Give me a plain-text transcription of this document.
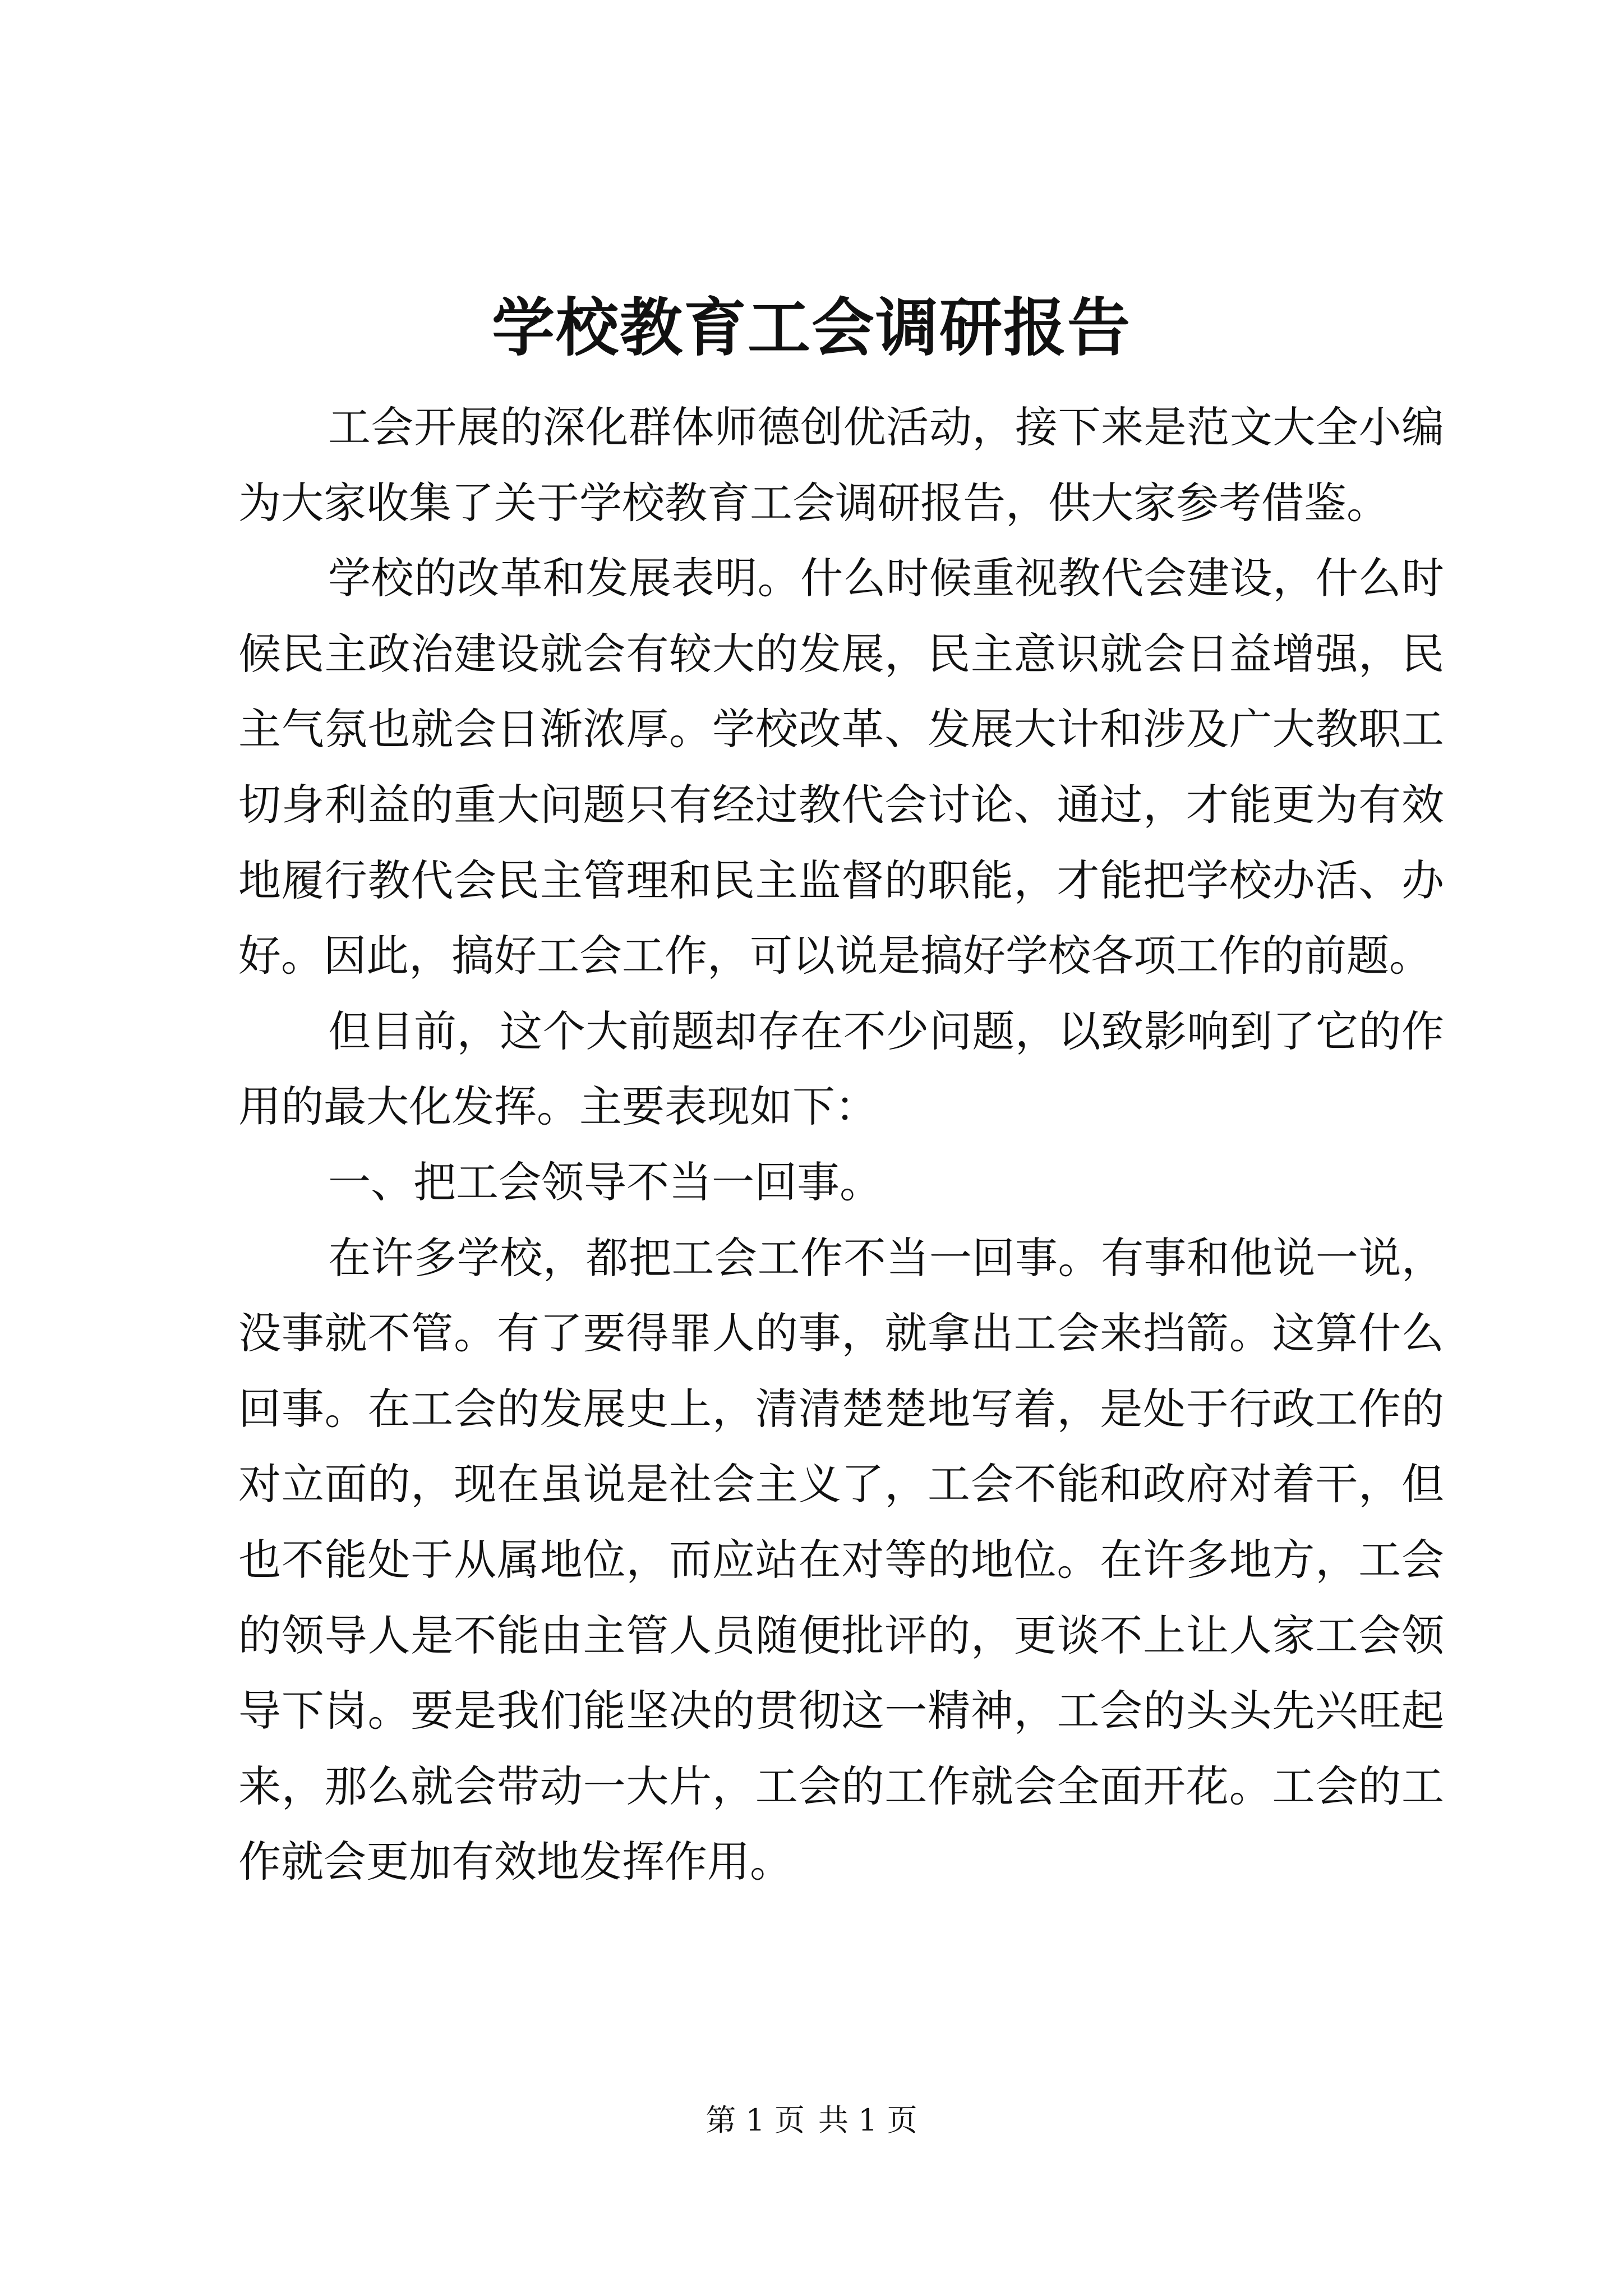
学校教育工会调研报告

工会开展的深化群体师德创优活动，接下来是范文大全小编为大家收集了关于学校教育工会调研报告，供大家参考借鉴。

学校的改革和发展表明。什么时候重视教代会建设，什么时候民主政治建设就会有较大的发展，民主意识就会日益增强，民主气氛也就会日渐浓厚。学校改革、发展大计和涉及广大教职工切身利益的重大问题只有经过教代会讨论、通过，才能更为有效地履行教代会民主管理和民主监督的职能，才能把学校办活、办好。因此，搞好工会工作，可以说是搞好学校各项工作的前题。

但目前，这个大前题却存在不少问题，以致影响到了它的作用的最大化发挥。主要表现如下：

一、把工会领导不当一回事。

在许多学校，都把工会工作不当一回事。有事和他说一说，没事就不管。有了要得罪人的事，就拿出工会来挡箭。这算什么回事。在工会的发展史上，清清楚楚地写着，是处于行政工作的对立面的，现在虽说是社会主义了，工会不能和政府对着干，但也不能处于从属地位，而应站在对等的地位。在许多地方，工会的领导人是不能由主管人员随便批评的，更谈不上让人家工会领导下岗。要是我们能坚决的贯彻这一精神，工会的头头先兴旺起来，那么就会带动一大片，工会的工作就会全面开花。工会的工作就会更加有效地发挥作用。

第 1 页 共 1 页
